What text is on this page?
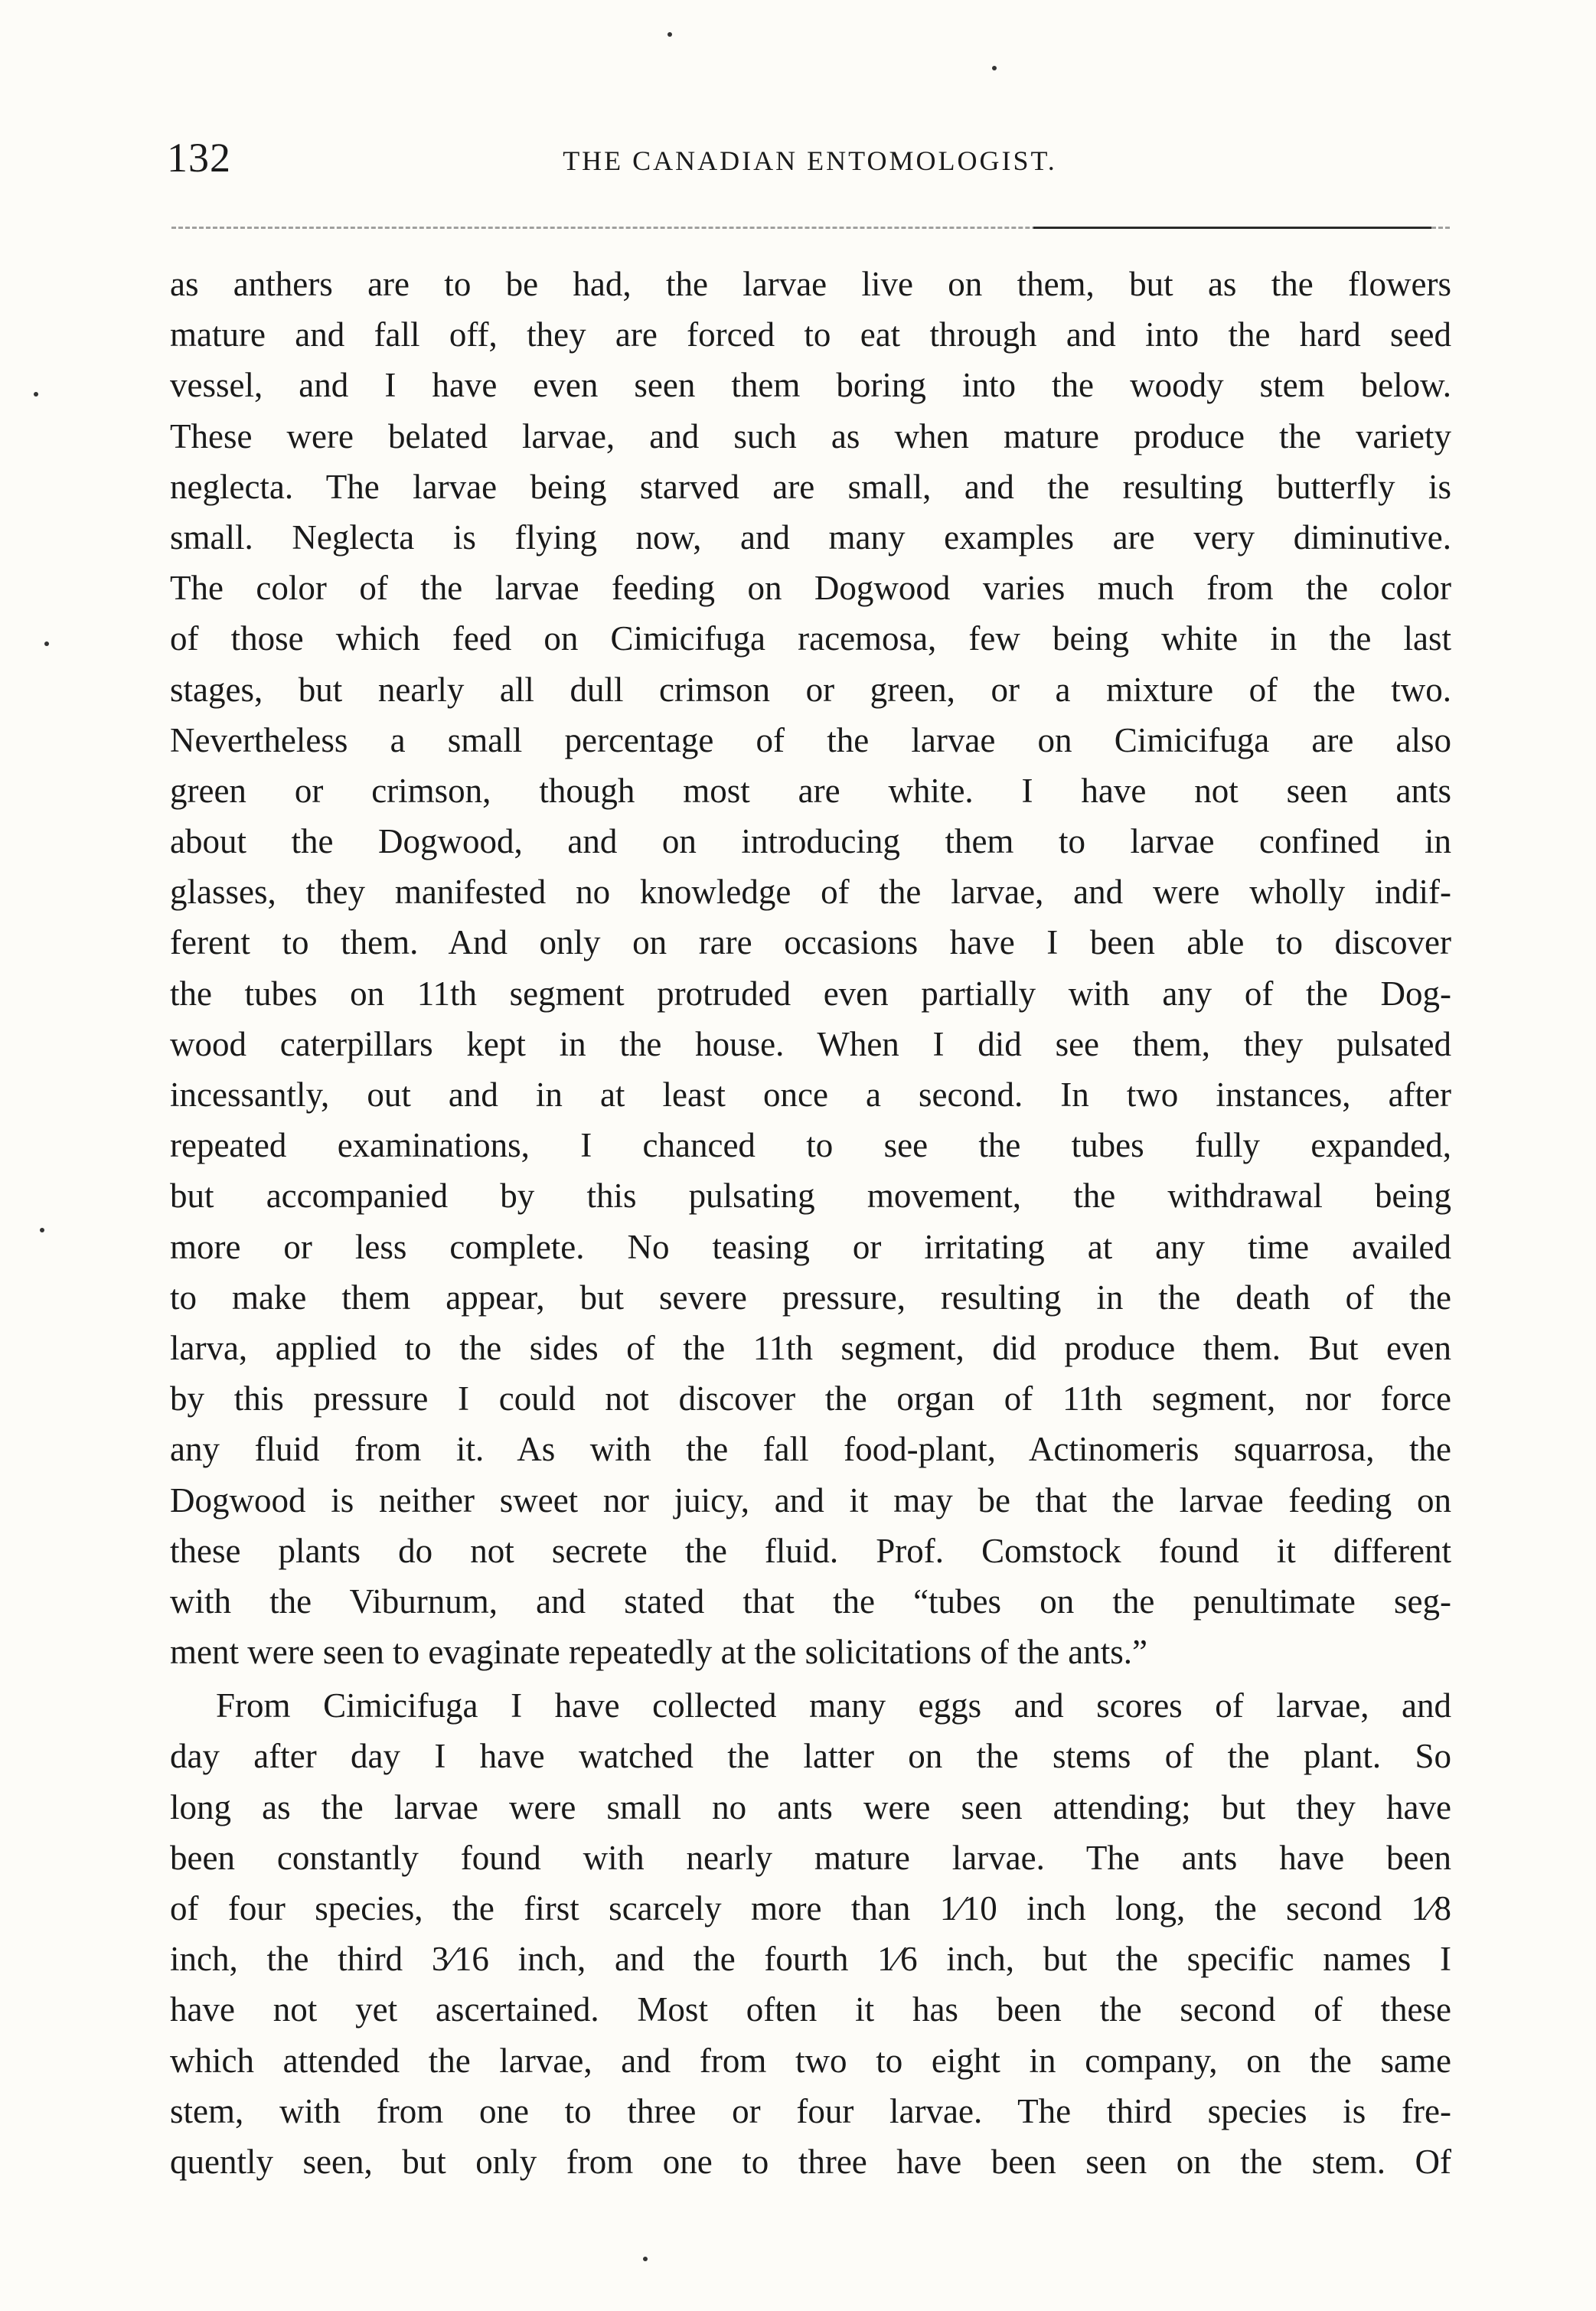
132	THE CANADIAN ENTOMOLOGIST.
as anthers are to be had, the larvae live on them, but as the flowers
mature and fall off, they are forced to eat through and into the hard seed
vessel, and I have even seen them boring into the woody stem below.
These were belated larvae, and such as when mature produce the variety
neglecta. The larvae being starved are small, and the resulting butterfly is
small. Neglecta is flying now, and many examples are very diminutive.
The color of the larvae feeding on Dogwood varies much from the color
of those which feed on Cimicifuga racemosa, few being white in the last
stages, but nearly all dull crimson or green, or a mixture of the two.
Nevertheless a small percentage of the larvae on Cimicifuga are also
green or crimson, though most are white. I have not seen ants
about the Dogwood, and on introducing them to larvae confined in
glasses, they manifested no knowledge of the larvae, and were wholly indif-
ferent to them. And only on rare occasions have I been able to discover
the tubes on 11th segment protruded even partially with any of the Dog-
wood caterpillars kept in the house. When I did see them, they pulsated
incessantly, out and in at least once a second. In two instances, after
repeated examinations, I chanced to see the tubes fully expanded,
but accompanied by this pulsating movement, the withdrawal being
more or less complete. No teasing or irritating at any time availed
to make them appear, but severe pressure, resulting in the death of the
larva, applied to the sides of the 11th segment, did produce them. But even
by this pressure I could not discover the organ of 11th segment, nor force
any fluid from it. As with the fall food-plant, Actinomeris squarrosa, the
Dogwood is neither sweet nor juicy, and it may be that the larvae feeding on
these plants do not secrete the fluid. Prof. Comstock found it different
with the Viburnum, and stated that the “tubes on the penultimate seg-
ment were seen to evaginate repeatedly at the solicitations of the ants.”
From Cimicifuga I have collected many eggs and scores of larvae, and
day after day I have watched the latter on the stems of the plant. So
long as the larvae were small no ants were seen attending; but they have
been constantly found with nearly mature larvae. The ants have been
of four species, the first scarcely more than 1⁄10 inch long, the second 1⁄8
inch, the third 3⁄16 inch, and the fourth 1⁄6 inch, but the specific names I
have not yet ascertained. Most often it has been the second of these
which attended the larvae, and from two to eight in company, on the same
stem, with from one to three or four larvae. The third species is fre-
quently seen, but only from one to three have been seen on the stem. Of
